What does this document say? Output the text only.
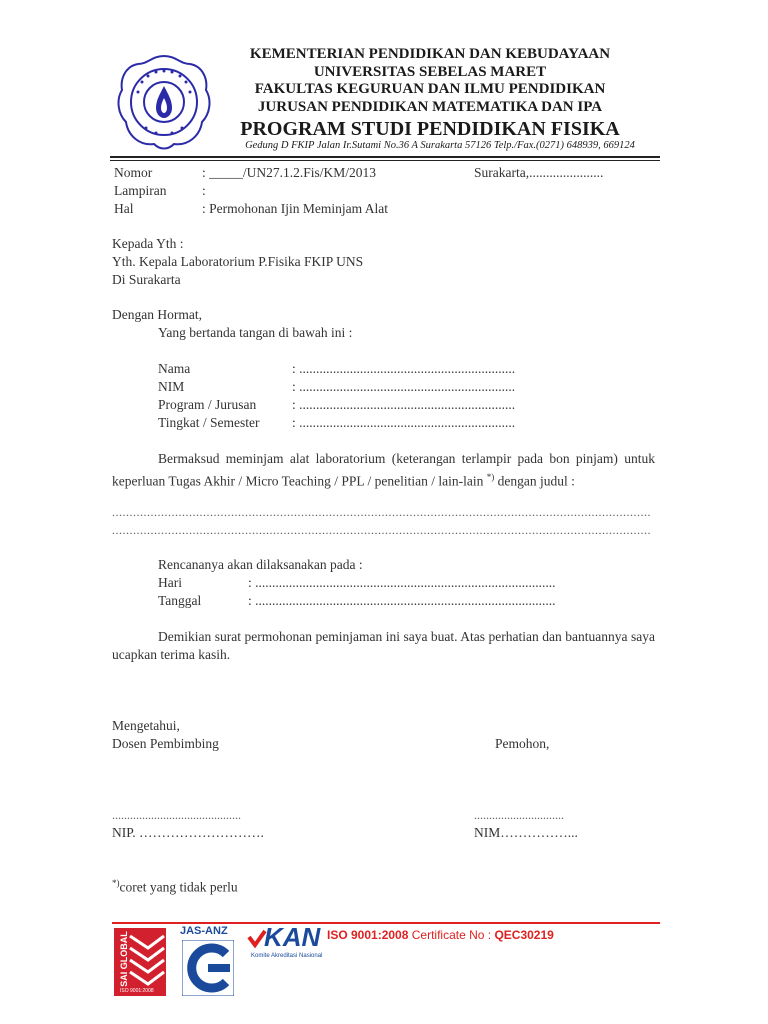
KEMENTERIAN PENDIDIKAN DAN KEBUDAYAAN
UNIVERSITAS SEBELAS MARET
FAKULTAS KEGURUAN DAN ILMU PENDIDIKAN
JURUSAN PENDIDIKAN MATEMATIKA DAN IPA
PROGRAM STUDI PENDIDIKAN FISIKA
Gedung D FKIP Jalan Ir.Sutami No.36 A Surakarta 57126 Telp./Fax.(0271) 648939, 669124
Nomor	: _____/UN27.1.2.Fis/KM/2013	Surakarta,......................
Lampiran	:
Hal	: Permohonan Ijin Meminjam Alat
Kepada Yth :
Yth. Kepala Laboratorium P.Fisika FKIP UNS
Di Surakarta
Dengan Hormat,
Yang bertanda tangan di bawah ini :
Nama	: ................................................................
NIM	: ................................................................
Program / Jurusan	: ................................................................
Tingkat / Semester : ................................................................
Bermaksud meminjam alat laboratorium (keterangan terlampir pada bon pinjam) untuk keperluan Tugas Akhir / Micro Teaching / PPL / penelitian / lain-lain *) dengan judul :
..........................................................................................................................................................
..........................................................................................................................................................
Rencananya akan dilaksanakan pada :
Hari	: .........................................................................................
Tanggal	: .........................................................................................
Demikian surat permohonan peminjaman ini saya buat. Atas perhatian dan bantuannya saya ucapkan terima kasih.
Mengetahui,
Dosen Pembimbing	Pemohon,
...........................................	..............................
NIP. ……………………….	NIM……………...
*)coret yang tidak perlu
SAI GLOBAL
ISO 9001:2008
JAS-ANZ KAN
Komite Akreditasi Nasional
ISO 9001:2008 Certificate No : QEC30219
